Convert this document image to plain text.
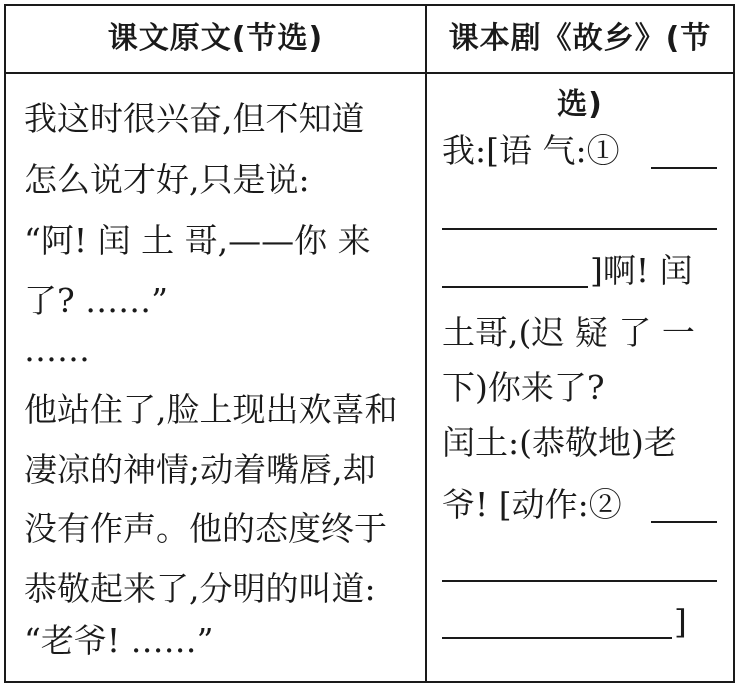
课文原文(节选)	课本剧《故乡》(节选)
我这时很兴奋,但不知道
怎么说才好,只是说:
“阿! 闰 土 哥,——你 来
了? ……”
……
他站住了,脸上现出欢喜和
凄凉的神情;动着嘴唇,却
没有作声。他的态度终于
恭敬起来了,分明的叫道:
“老爷! ……”
我:[语 气:①
]啊! 闰
土哥,(迟 疑 了 一
下)你来了?
闰土:(恭敬地)老
爷! [动作:②
]
